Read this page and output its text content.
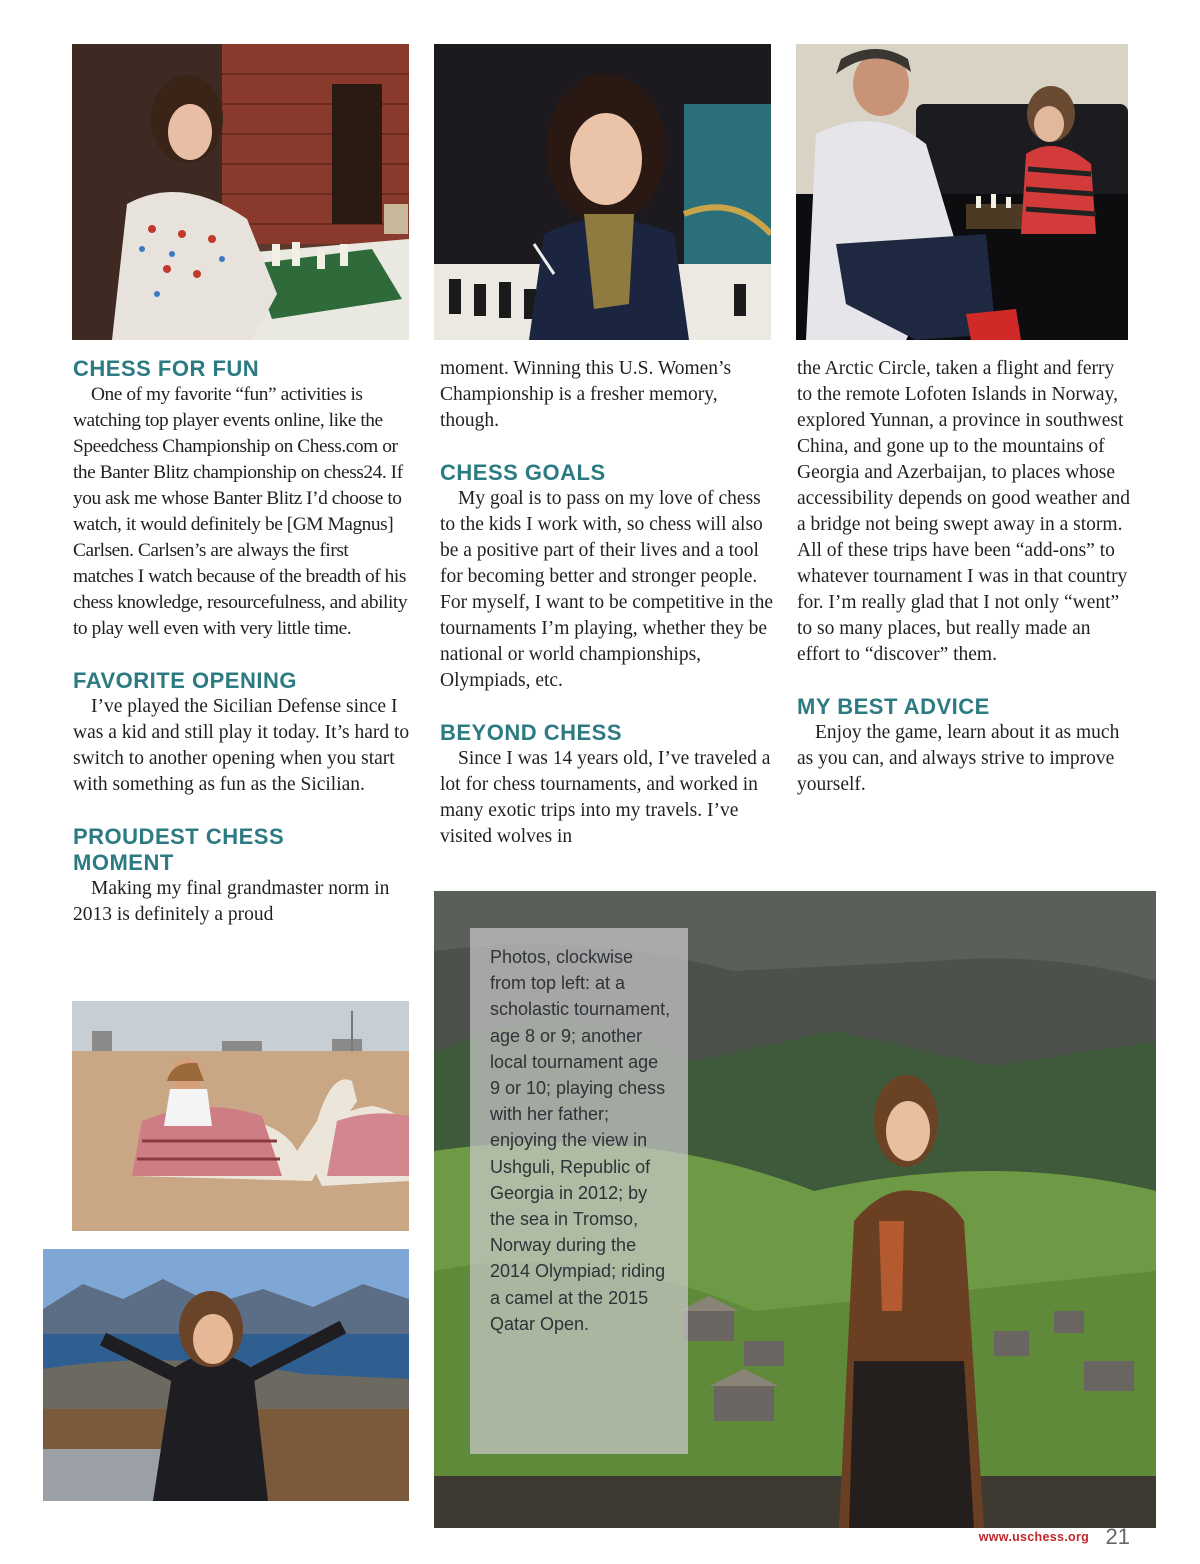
CHESS FOR FUN

One of my favorite “fun” activities is watching top player events online, like the Speedchess Championship on Chess.com or the Banter Blitz championship on chess24. If you ask me whose Banter Blitz I’d choose to watch, it would definitely be [GM Magnus] Carlsen. Carlsen’s are always the first matches I watch because of the breadth of his chess knowledge, resourcefulness, and ability to play well even with very little time.

FAVORITE OPENING

I’ve played the Sicilian Defense since I was a kid and still play it today. It’s hard to switch to another opening when you start with something as fun as the Sicilian.

PROUDEST CHESS MOMENT

Making my final grandmaster norm in 2013 is definitely a proud

moment. Winning this U.S. Women’s Championship is a fresher memory, though.

CHESS GOALS

My goal is to pass on my love of chess to the kids I work with, so chess will also be a positive part of their lives and a tool for becoming better and stronger people. For myself, I want to be competitive in the tournaments I’m playing, whether they be national or world championships, Olympiads, etc.

BEYOND CHESS

Since I was 14 years old, I’ve traveled a lot for chess tournaments, and worked in many exotic trips into my travels. I’ve visited wolves in

the Arctic Circle, taken a flight and ferry to the remote Lofoten Islands in Norway, explored Yunnan, a province in southwest China, and gone up to the mountains of Georgia and Azerbaijan, to places whose accessibility depends on good weather and a bridge not being swept away in a storm. All of these trips have been “add-ons” to whatever tournament I was in that country for. I’m really glad that I not only “went” to so many places, but really made an effort to “discover” them.

MY BEST ADVICE

Enjoy the game, learn about it as much as you can, and always strive to improve yourself.

Photos, clockwise from top left: at a scholastic tournament, age 8 or 9; another local tournament age 9 or 10; playing chess with her father; enjoying the view in Ushguli, Republic of Georgia in 2012; by the sea in Tromso, Norway during the 2014 Olympiad; riding a camel at the 2015 Qatar Open.
www.uschess.org 21
